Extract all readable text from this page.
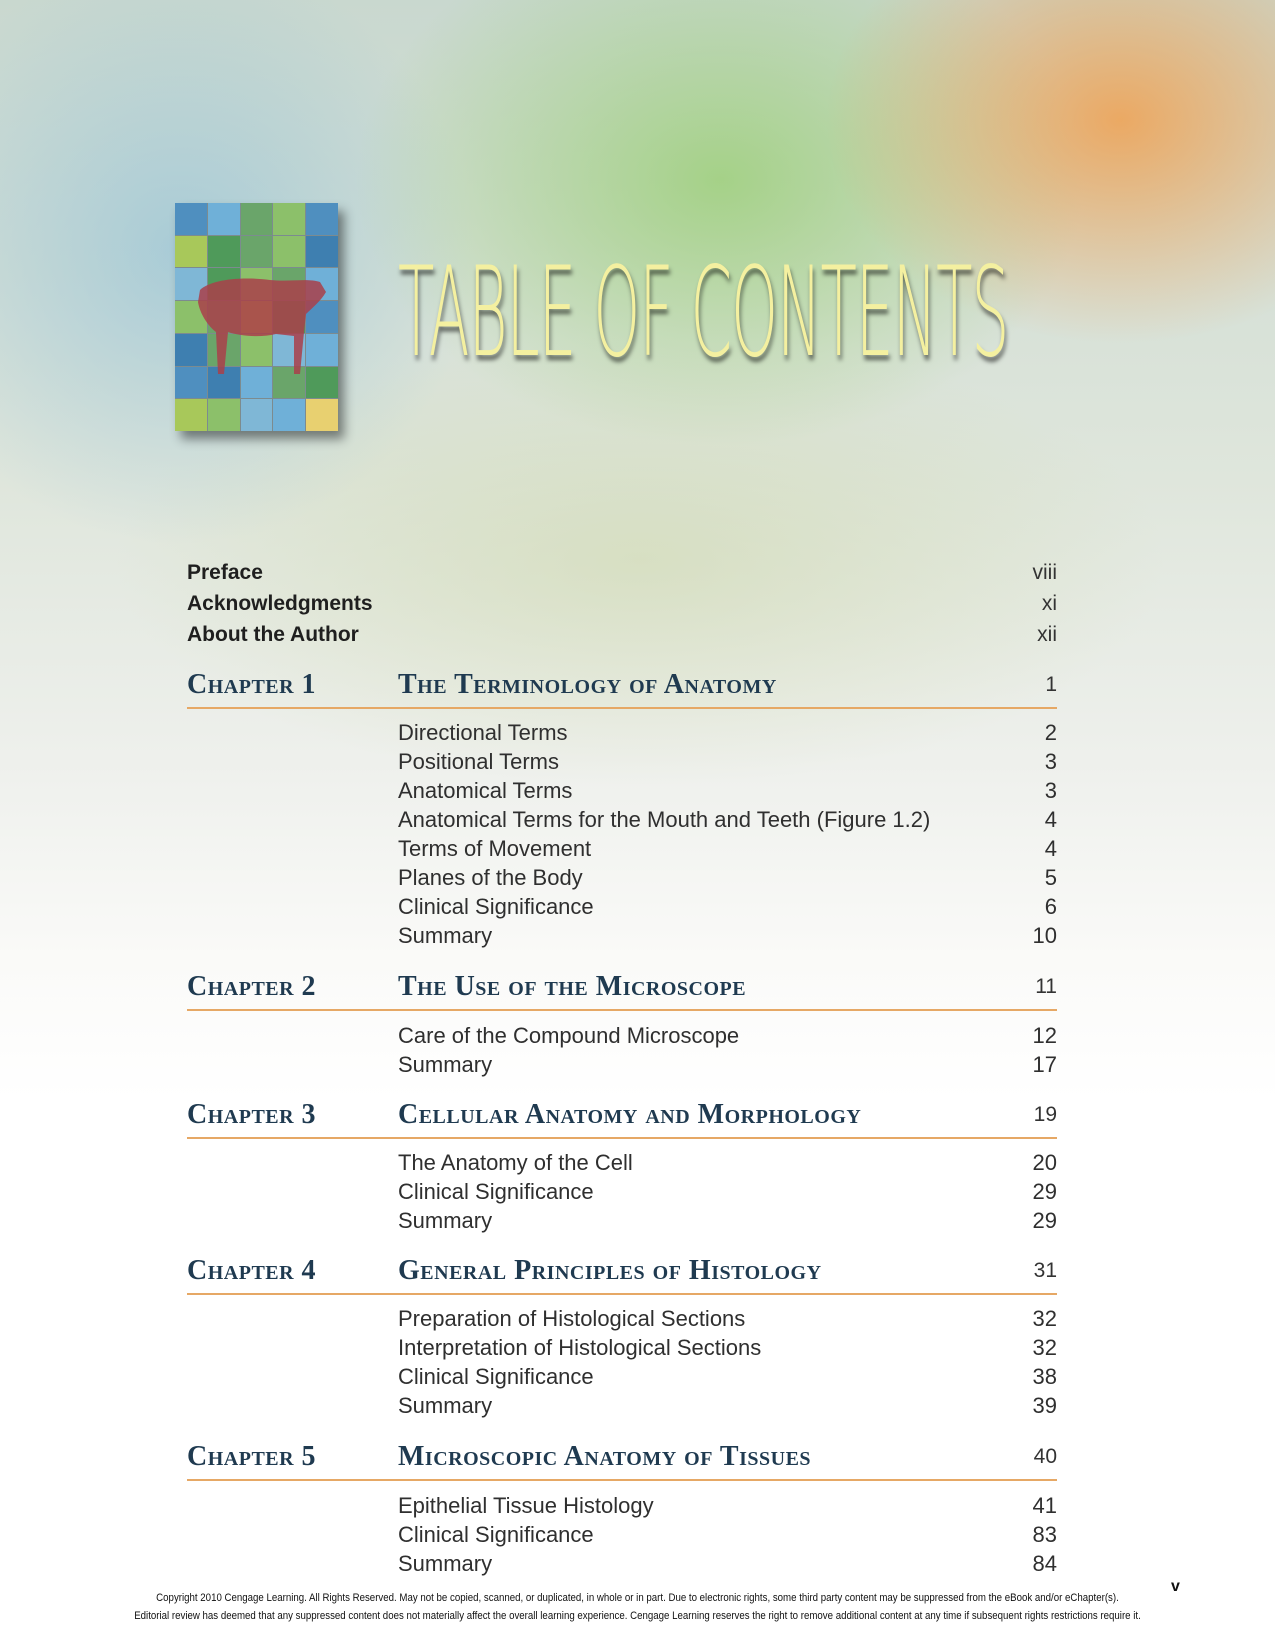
TABLE OF CONTENTS
Preface	viii
Acknowledgments	xi
About the Author	xii
Chapter 1	The Terminology of Anatomy	1
Directional Terms	2
Positional Terms	3
Anatomical Terms	3
Anatomical Terms for the Mouth and Teeth (Figure 1.2)	4
Terms of Movement	4
Planes of the Body	5
Clinical Significance	6
Summary	10
Chapter 2	The Use of the Microscope	11
Care of the Compound Microscope	12
Summary	17
Chapter 3	Cellular Anatomy and Morphology	19
The Anatomy of the Cell	20
Clinical Significance	29
Summary	29
Chapter 4	General Principles of Histology	31
Preparation of Histological Sections	32
Interpretation of Histological Sections	32
Clinical Significance	38
Summary	39
Chapter 5	Microscopic Anatomy of Tissues	40
Epithelial Tissue Histology	41
Clinical Significance	83
Summary	84
v
Copyright 2010 Cengage Learning. All Rights Reserved. May not be copied, scanned, or duplicated, in whole or in part. Due to electronic rights, some third party content may be suppressed from the eBook and/or eChapter(s).
Editorial review has deemed that any suppressed content does not materially affect the overall learning experience. Cengage Learning reserves the right to remove additional content at any time if subsequent rights restrictions require it.
